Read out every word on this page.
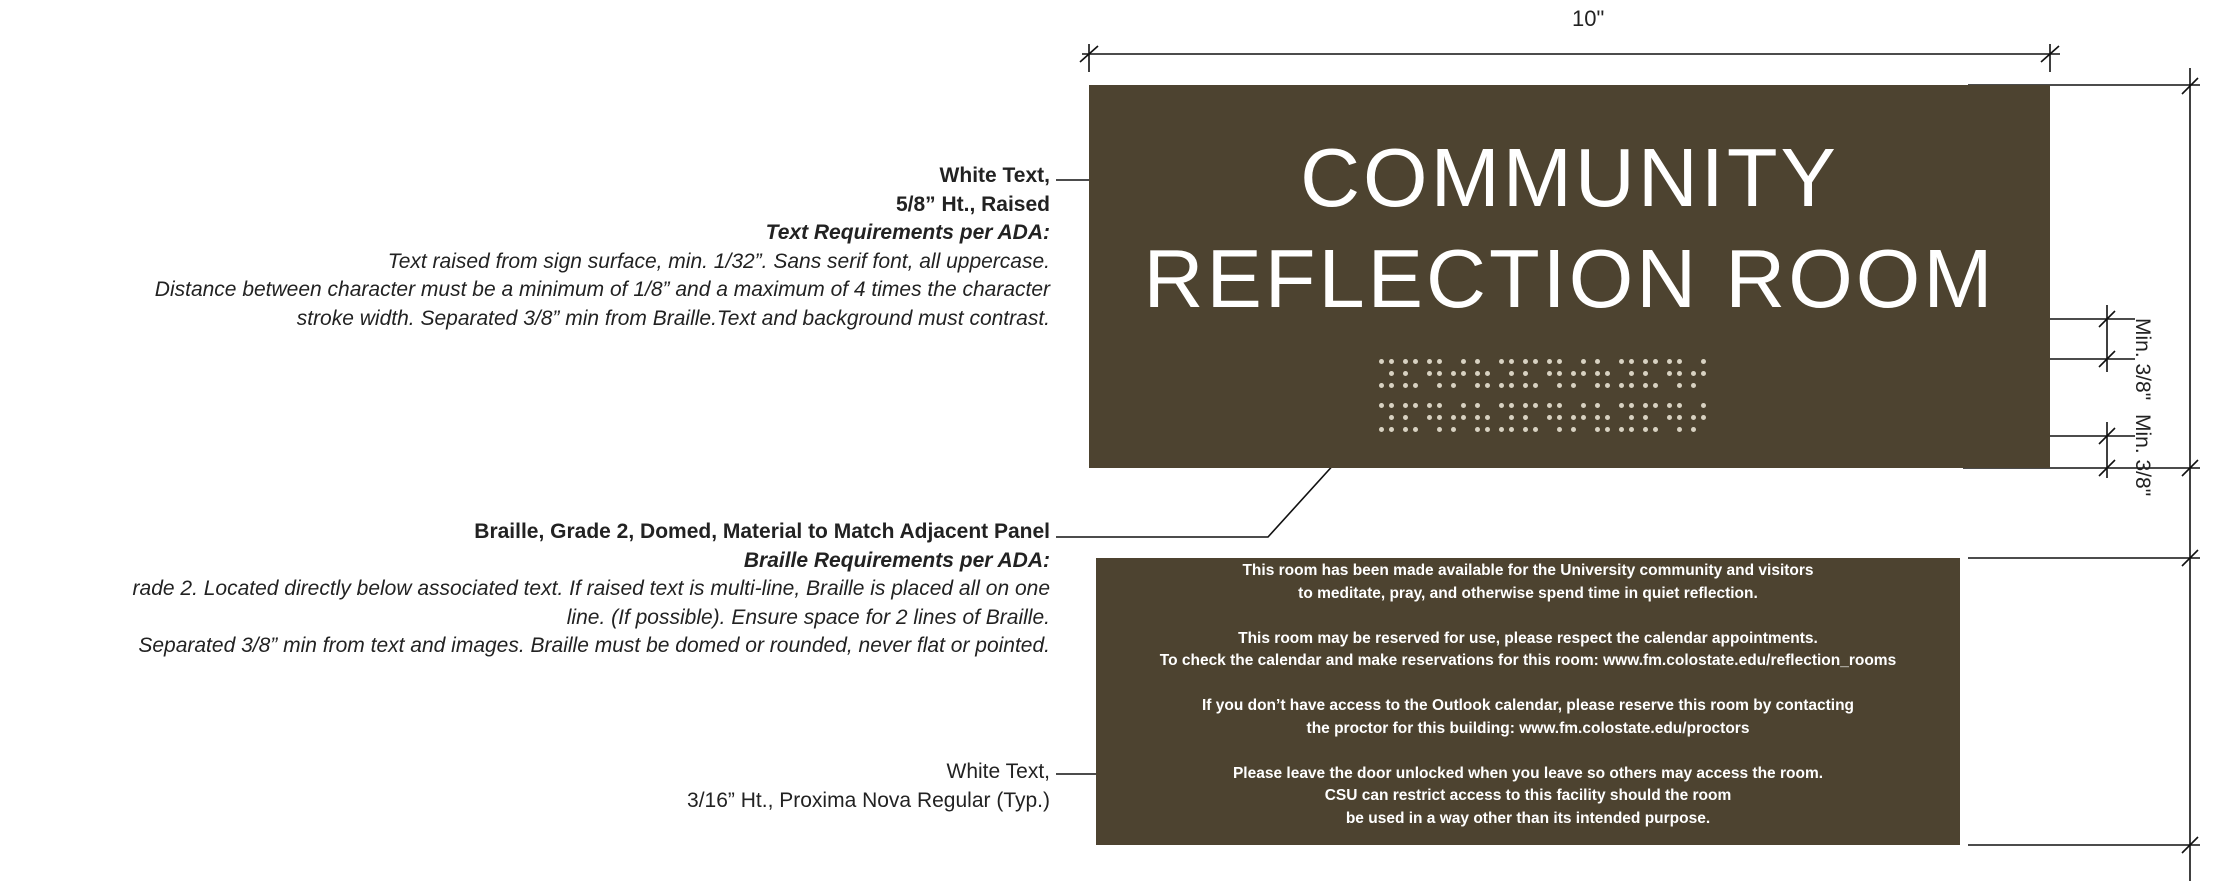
10"
COMMUNITY
REFLECTION ROOM
Min. 3/8"
Min. 3/8"
This room has been made available for the University community and visitors
to meditate, pray, and otherwise spend time in quiet reflection.

This room may be reserved for use, please respect the calendar appointments.
To check the calendar and make reservations for this room: www.fm.colostate.edu/reflection_rooms

If you don’t have access to the Outlook calendar, please reserve this room by contacting
the proctor for this building: www.fm.colostate.edu/proctors

Please leave the door unlocked when you leave so others may access the room.
CSU can restrict access to this facility should the room
be used in a way other than its intended purpose.
White Text,
5/8” Ht., Raised
Text Requirements per ADA:
Text raised from sign surface, min. 1/32”. Sans serif font, all uppercase.
Distance between character must be a minimum of 1/8” and a maximum of 4 times the character
stroke width. Separated 3/8” min from Braille.Text and background must contrast.
Braille, Grade 2, Domed, Material to Match Adjacent Panel
Braille Requirements per ADA:
rade 2. Located directly below associated text. If raised text is multi-line, Braille is placed all on one
line. (If possible). Ensure space for 2 lines of Braille.
Separated 3/8” min from text and images. Braille must be domed or rounded, never flat or pointed.
White Text,
3/16” Ht., Proxima Nova Regular (Typ.)
